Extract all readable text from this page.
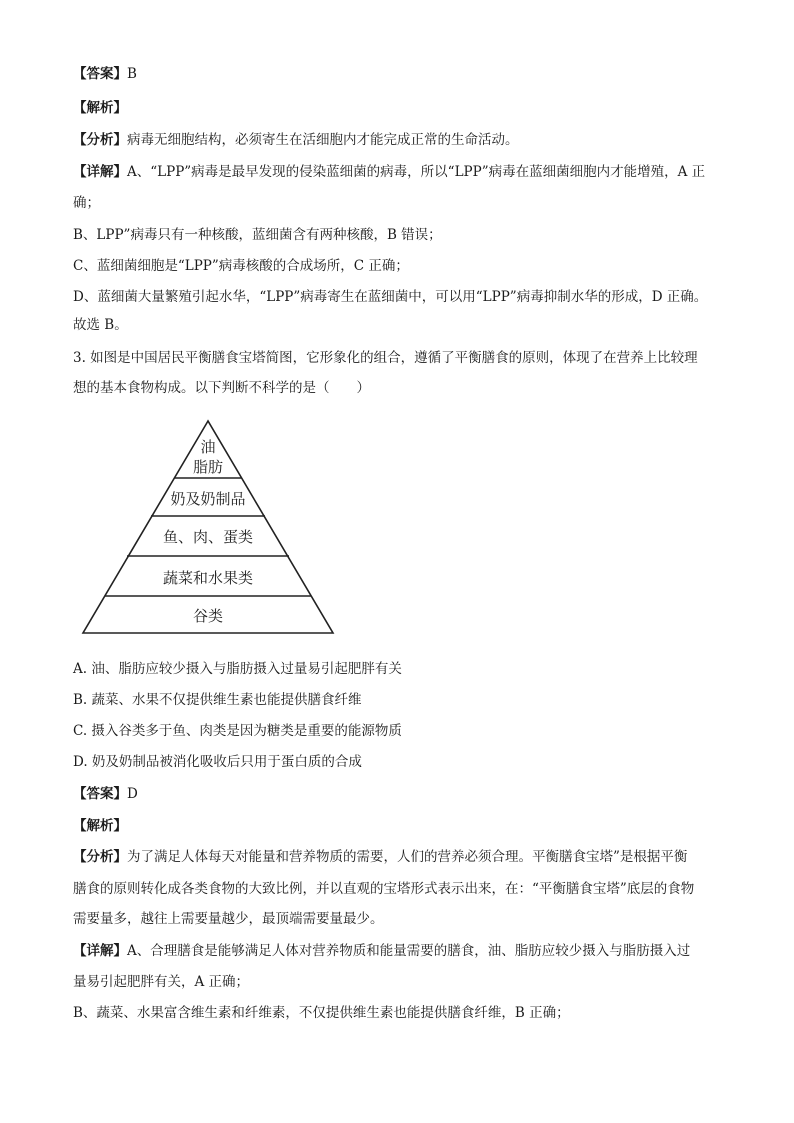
【答案】B
【解析】
【分析】病毒无细胞结构，必须寄生在活细胞内才能完成正常的生命活动。
【详解】A、“LPP”病毒是最早发现的侵染蓝细菌的病毒，所以“LPP”病毒在蓝细菌细胞内才能增殖，A 正
确；
B、LPP”病毒只有一种核酸，蓝细菌含有两种核酸，B 错误；
C、蓝细菌细胞是“LPP”病毒核酸的合成场所，C 正确；
D、蓝细菌大量繁殖引起水华，“LPP”病毒寄生在蓝细菌中，可以用“LPP”病毒抑制水华的形成，D 正确。
故选 B。
3. 如图是中国居民平衡膳食宝塔简图，它形象化的组合，遵循了平衡膳食的原则，体现了在营养上比较理
想的基本食物构成。以下判断不科学的是（　　）
油
脂肪
奶及奶制品
鱼、肉、蛋类
蔬菜和水果类
谷类
A. 油、脂肪应较少摄入与脂肪摄入过量易引起肥胖有关
B. 蔬菜、水果不仅提供维生素也能提供膳食纤维
C. 摄入谷类多于鱼、肉类是因为糖类是重要的能源物质
D. 奶及奶制品被消化吸收后只用于蛋白质的合成
【答案】D
【解析】
【分析】为了满足人体每天对能量和营养物质的需要，人们的营养必须合理。平衡膳食宝塔”是根据平衡
膳食的原则转化成各类食物的大致比例，并以直观的宝塔形式表示出来，在：“平衡膳食宝塔”底层的食物
需要量多，越往上需要量越少，最顶端需要量最少。
【详解】A、合理膳食是能够满足人体对营养物质和能量需要的膳食，油、脂肪应较少摄入与脂肪摄入过
量易引起肥胖有关，A 正确；
B、蔬菜、水果富含维生素和纤维素，不仅提供维生素也能提供膳食纤维，B 正确；
